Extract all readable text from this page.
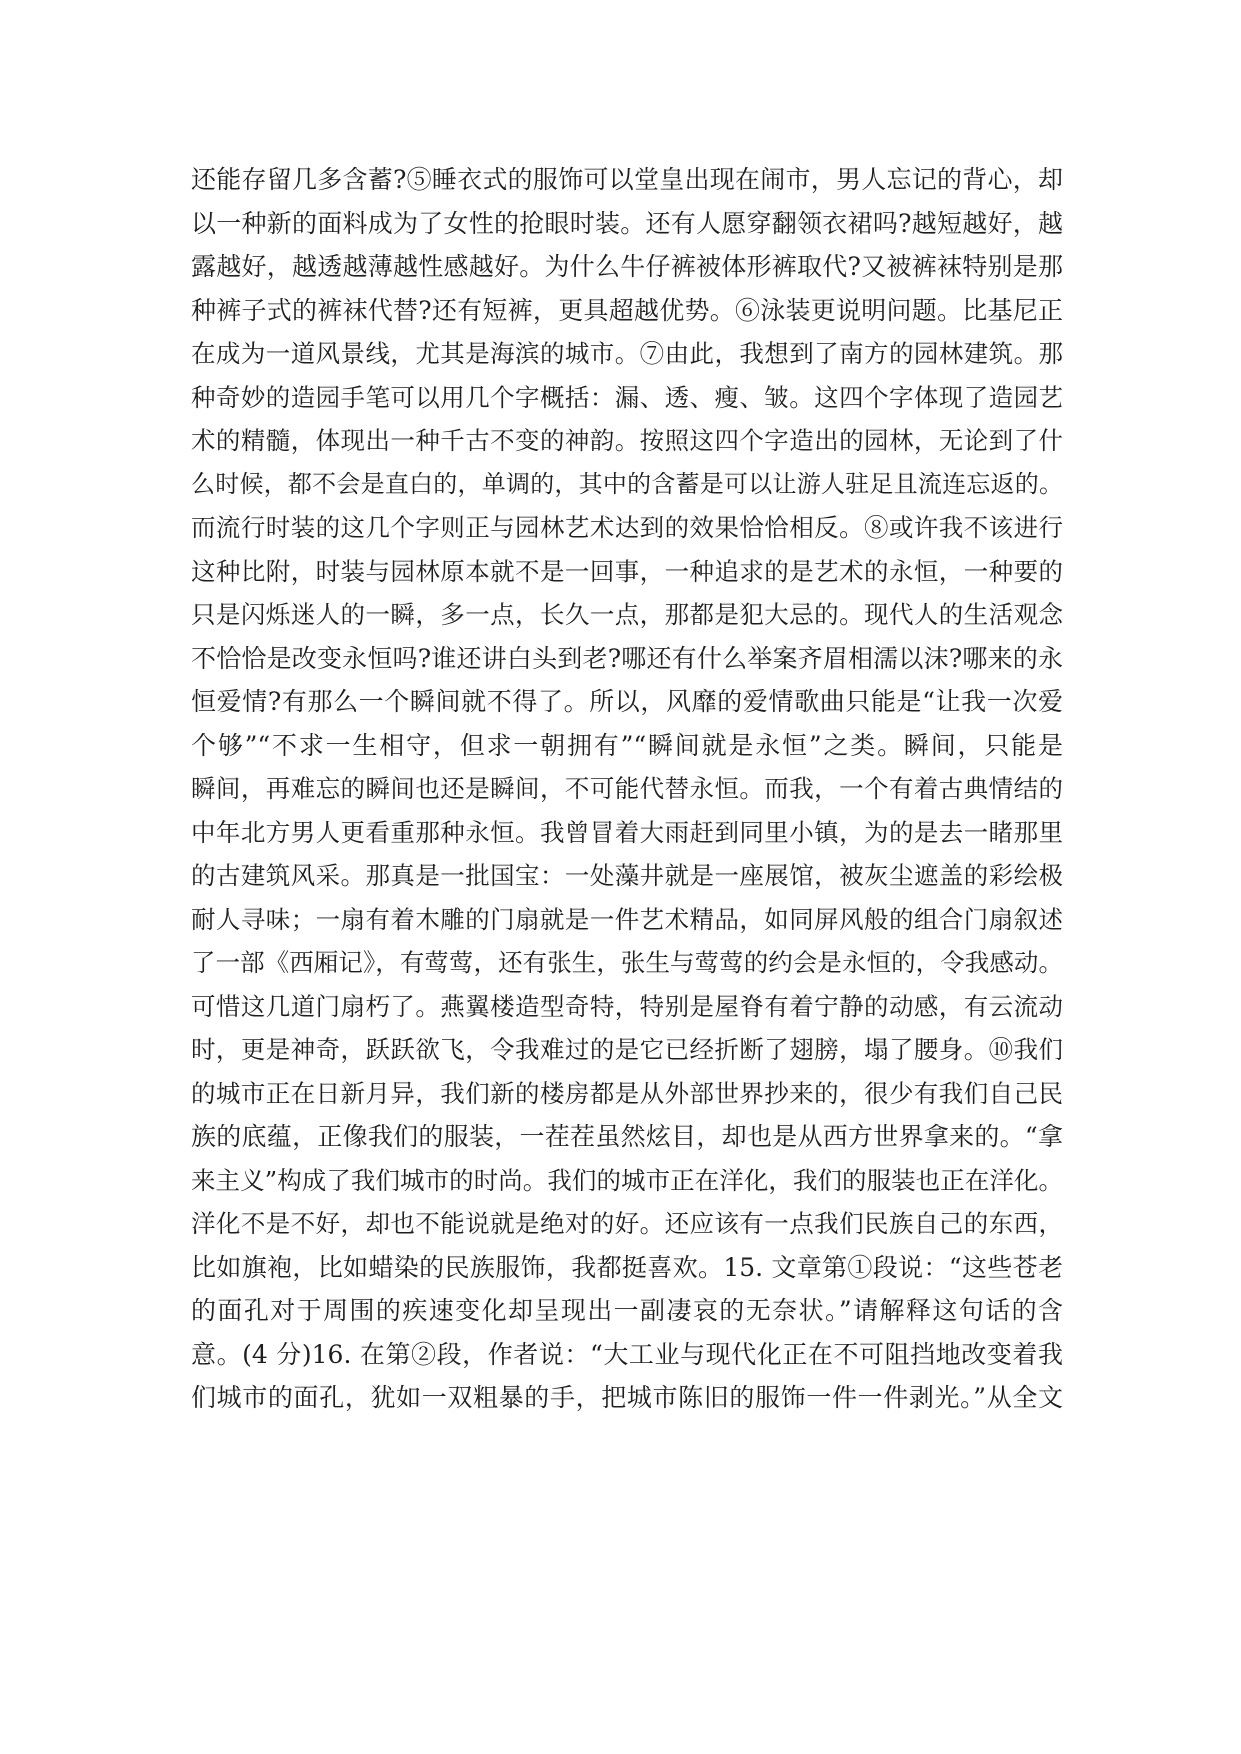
还能存留几多含蓄?⑤睡衣式的服饰可以堂皇出现在闹市，男人忘记的背心，却
以一种新的面料成为了女性的抢眼时装。还有人愿穿翻领衣裙吗?越短越好，越
露越好，越透越薄越性感越好。为什么牛仔裤被体形裤取代?又被裤袜特别是那
种裤子式的裤袜代替?还有短裤，更具超越优势。⑥泳装更说明问题。比基尼正
在成为一道风景线，尤其是海滨的城市。⑦由此，我想到了南方的园林建筑。那
种奇妙的造园手笔可以用几个字概括：漏、透、瘦、皱。这四个字体现了造园艺
术的精髓，体现出一种千古不变的神韵。按照这四个字造出的园林，无论到了什
么时候，都不会是直白的，单调的，其中的含蓄是可以让游人驻足且流连忘返的。
而流行时装的这几个字则正与园林艺术达到的效果恰恰相反。⑧或许我不该进行
这种比附，时装与园林原本就不是一回事，一种追求的是艺术的永恒，一种要的
只是闪烁迷人的一瞬，多一点，长久一点，那都是犯大忌的。现代人的生活观念
不恰恰是改变永恒吗?谁还讲白头到老?哪还有什么举案齐眉相濡以沫?哪来的永
恒爱情?有那么一个瞬间就不得了。所以，风靡的爱情歌曲只能是“让我一次爱
个够”“不求一生相守，但求一朝拥有”“瞬间就是永恒”之类。瞬间，只能是
瞬间，再难忘的瞬间也还是瞬间，不可能代替永恒。而我，一个有着古典情结的
中年北方男人更看重那种永恒。我曾冒着大雨赶到同里小镇，为的是去一睹那里
的古建筑风采。那真是一批国宝：一处藻井就是一座展馆，被灰尘遮盖的彩绘极
耐人寻味；一扇有着木雕的门扇就是一件艺术精品，如同屏风般的组合门扇叙述
了一部《西厢记》，有莺莺，还有张生，张生与莺莺的约会是永恒的，令我感动。
可惜这几道门扇朽了。燕翼楼造型奇特，特别是屋脊有着宁静的动感，有云流动
时，更是神奇，跃跃欲飞，令我难过的是它已经折断了翅膀，塌了腰身。⑩我们
的城市正在日新月异，我们新的楼房都是从外部世界抄来的，很少有我们自己民
族的底蕴，正像我们的服装，一茬茬虽然炫目，却也是从西方世界拿来的。“拿
来主义”构成了我们城市的时尚。我们的城市正在洋化，我们的服装也正在洋化。
洋化不是不好，却也不能说就是绝对的好。还应该有一点我们民族自己的东西，
比如旗袍，比如蜡染的民族服饰，我都挺喜欢。15. 文章第①段说：“这些苍老
的面孔对于周围的疾速变化却呈现出一副凄哀的无奈状。”请解释这句话的含
意。(4 分)16. 在第②段，作者说：“大工业与现代化正在不可阻挡地改变着我
们城市的面孔，犹如一双粗暴的手，把城市陈旧的服饰一件一件剥光。”从全文
